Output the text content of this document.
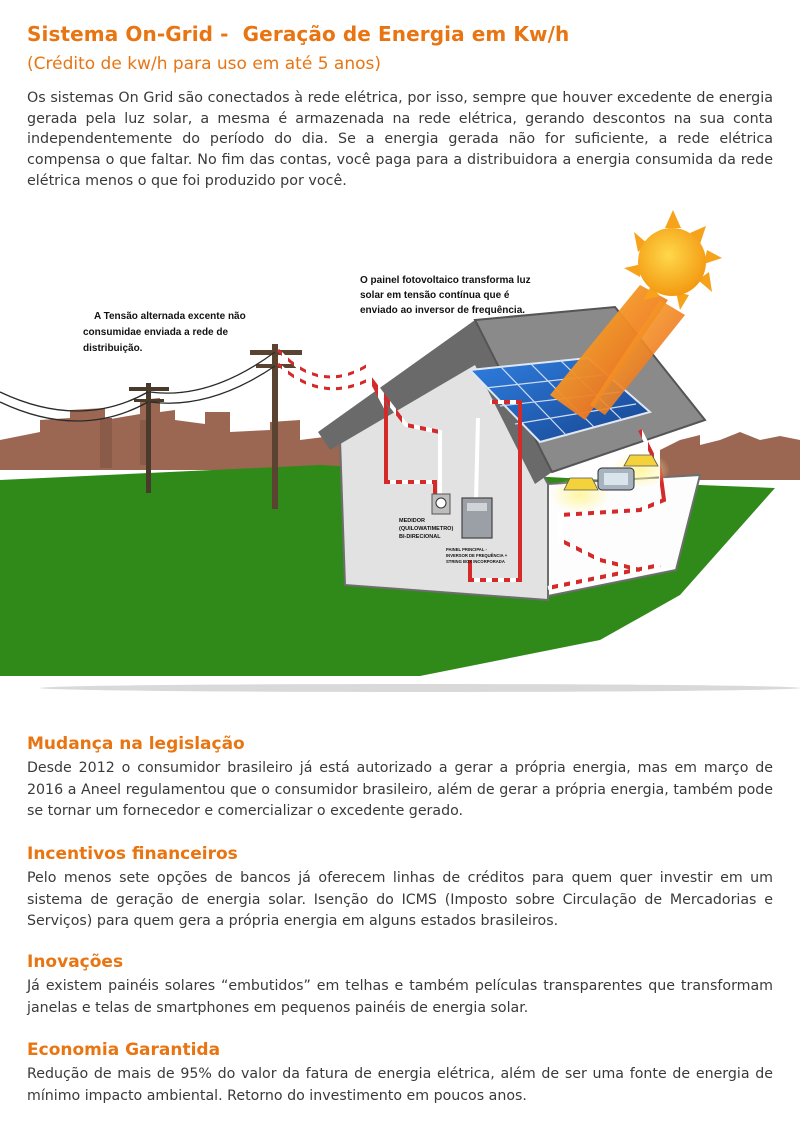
Sistema On-Grid -  Geração de Energia em Kw/h

(Crédito de kw/h para uso em até 5 anos)

Os sistemas On Grid são conectados à rede elétrica, por isso, sempre que houver excedente de energia gerada pela luz solar, a mesma é armazenada na rede elétrica, gerando descontos na sua conta independentemente do período do dia. Se a energia gerada não for suficiente, a rede elétrica compensa o que faltar. No fim das contas, você paga para a distribuidora a energia consumida da rede elétrica menos o que foi produzido por você.

O painel fotovoltaico transforma luz
solar em tensão contínua que é
enviado ao inversor de frequência.
A Tensão alternada excente não
consumidae enviada a rede de
distribuição.
MEDIDOR
(QUILOWATIMETRO)
BI-DIRECIONAL
PAINEL PRINCIPAL -
INVERSOR DE FREQUÊNCIA +
STRING BOX INCORPORADA
Mudança na legislação

Desde 2012 o consumidor brasileiro já está autorizado a gerar a própria energia, mas em março de 2016 a Aneel regulamentou que o consumidor brasileiro, além de gerar a própria energia, também pode se tornar um fornecedor e comercializar o excedente gerado.

Incentivos financeiros

Pelo menos sete opções de bancos já oferecem linhas de créditos para quem quer investir em um sistema de geração de energia solar. Isenção do ICMS (Imposto sobre Circulação de Mercadorias e Serviços) para quem gera a própria energia em alguns estados brasileiros.

Inovações

Já existem painéis solares “embutidos” em telhas e também películas transparentes que transformam janelas e telas de smartphones em pequenos painéis de energia solar.

Economia Garantida

Redução de mais de 95% do valor da fatura de energia elétrica, além de ser uma fonte de energia de mínimo impacto ambiental. Retorno do investimento em poucos anos.
